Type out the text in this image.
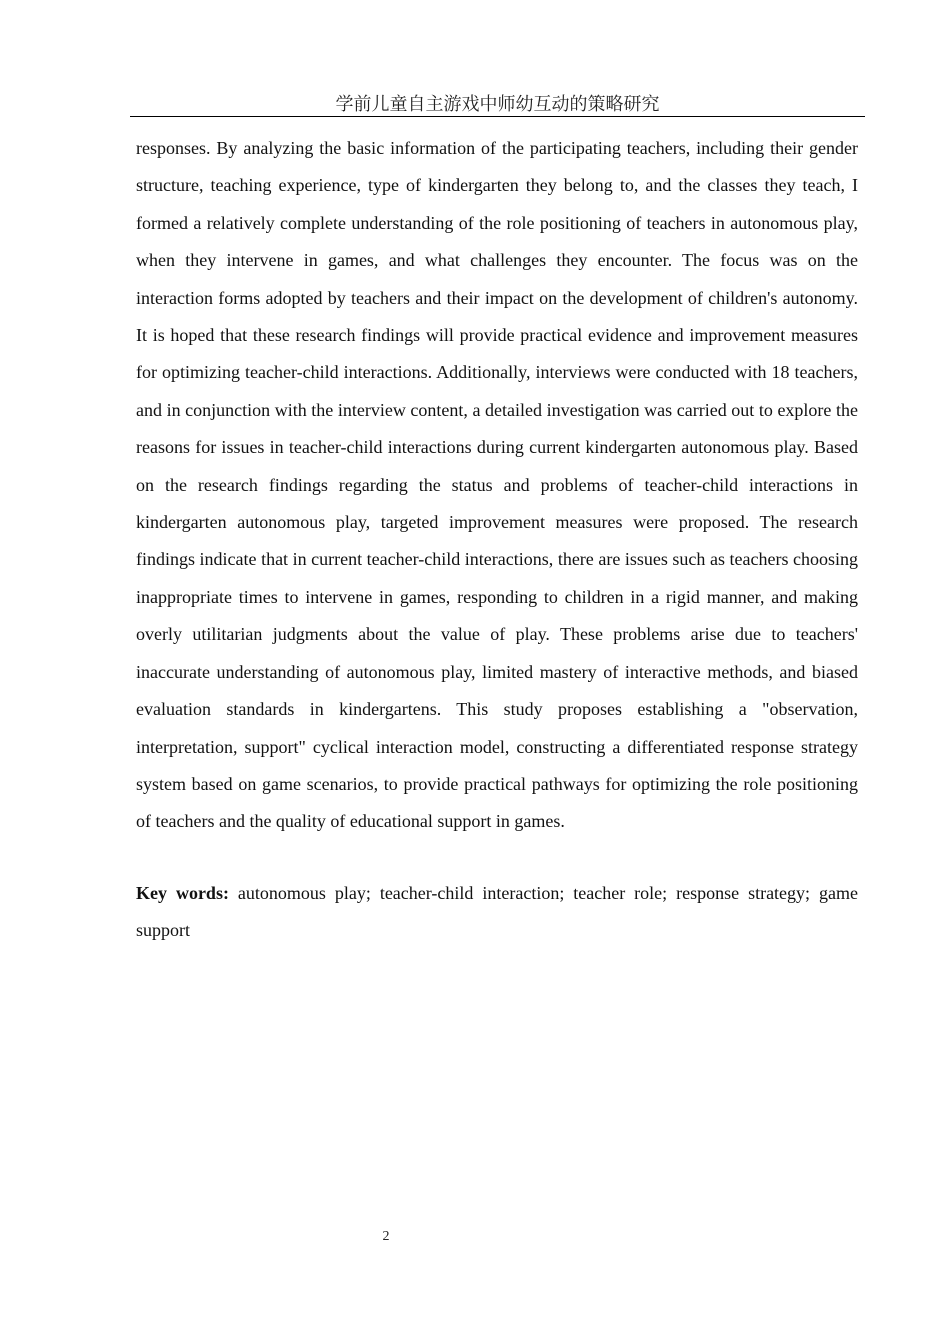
学前儿童自主游戏中师幼互动的策略研究

responses. By analyzing the basic information of the participating teachers, including their gender structure, teaching experience, type of kindergarten they belong to, and the classes they teach, I formed a relatively complete understanding of the role positioning of teachers in autonomous play, when they intervene in games, and what challenges they encounter. The focus was on the interaction forms adopted by teachers and their impact on the development of children's autonomy. It is hoped that these research findings will provide practical evidence and improvement measures for optimizing teacher-child interactions. Additionally, interviews were conducted with 18 teachers, and in conjunction with the interview content, a detailed investigation was carried out to explore the reasons for issues in teacher-child interactions during current kindergarten autonomous play. Based on the research findings regarding the status and problems of teacher-child interactions in kindergarten autonomous play, targeted improvement measures were proposed. The research findings indicate that in current teacher-child interactions, there are issues such as teachers choosing inappropriate times to intervene in games, responding to children in a rigid manner, and making overly utilitarian judgments about the value of play. These problems arise due to teachers' inaccurate understanding of autonomous play, limited mastery of interactive methods, and biased evaluation standards in kindergartens. This study proposes establishing a "observation, interpretation, support" cyclical interaction model, constructing a differentiated response strategy system based on game scenarios, to provide practical pathways for optimizing the role positioning of teachers and the quality of educational support in games.

Key words: autonomous play; teacher-child interaction; teacher role; response strategy; game support

2
